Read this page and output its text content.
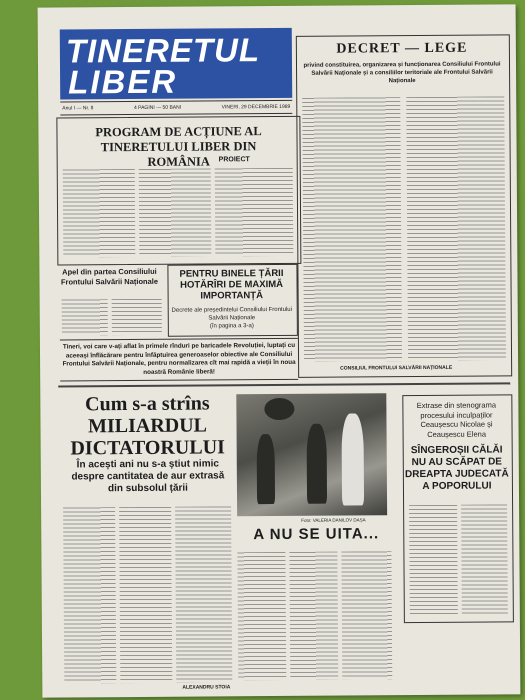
TINERETUL
LIBER
Anul I — Nr. 8	4 PAGINI — 50 BANI	VINERI, 29 DECEMBRIE 1989
PROGRAM DE ACȚIUNE AL TINERETULUI LIBER DIN ROMÂNIA	PROIECT
Apel din partea Consiliului Frontului Salvării Naționale
PENTRU BINELE ȚĂRII HOTĂRÎRI DE MAXIMĂ IMPORTANȚĂ
Decrete ale președintelui Consiliului Frontului Salvării Naționale
(în pagina a 3-a)
Tineri, voi care v-ați aflat în primele rînduri pe baricadele Revoluției, luptați cu aceeași înflăcărare pentru înfăptuirea generoaselor obiective ale Consiliului Frontului Salvării Naționale, pentru normalizarea cît mai rapidă a vieții în noua noastră Românie liberă!
DECRET — LEGE
privind constituirea, organizarea și funcționarea Consiliului Frontului Salvării Naționale și a consiliilor teritoriale ale Frontului Salvării Naționale
CONSILIUL FRONTULUI SALVĂRII NAȚIONALE
Cum s-a strîns
MILIARDUL
DICTATORULUI
În acești ani nu s-a știut nimic despre cantitatea de aur extrasă din subsolul țării
ALEXANDRU STOIA
Foto: VALERIA DANILOV DAȘA
A NU SE UITA...
Extrase din stenograma procesului inculpaților Ceaușescu Nicolae și Ceaușescu Elena
SÎNGEROȘII CĂLĂI NU AU SCĂPAT DE DREAPTA JUDECATĂ A POPORULUI
